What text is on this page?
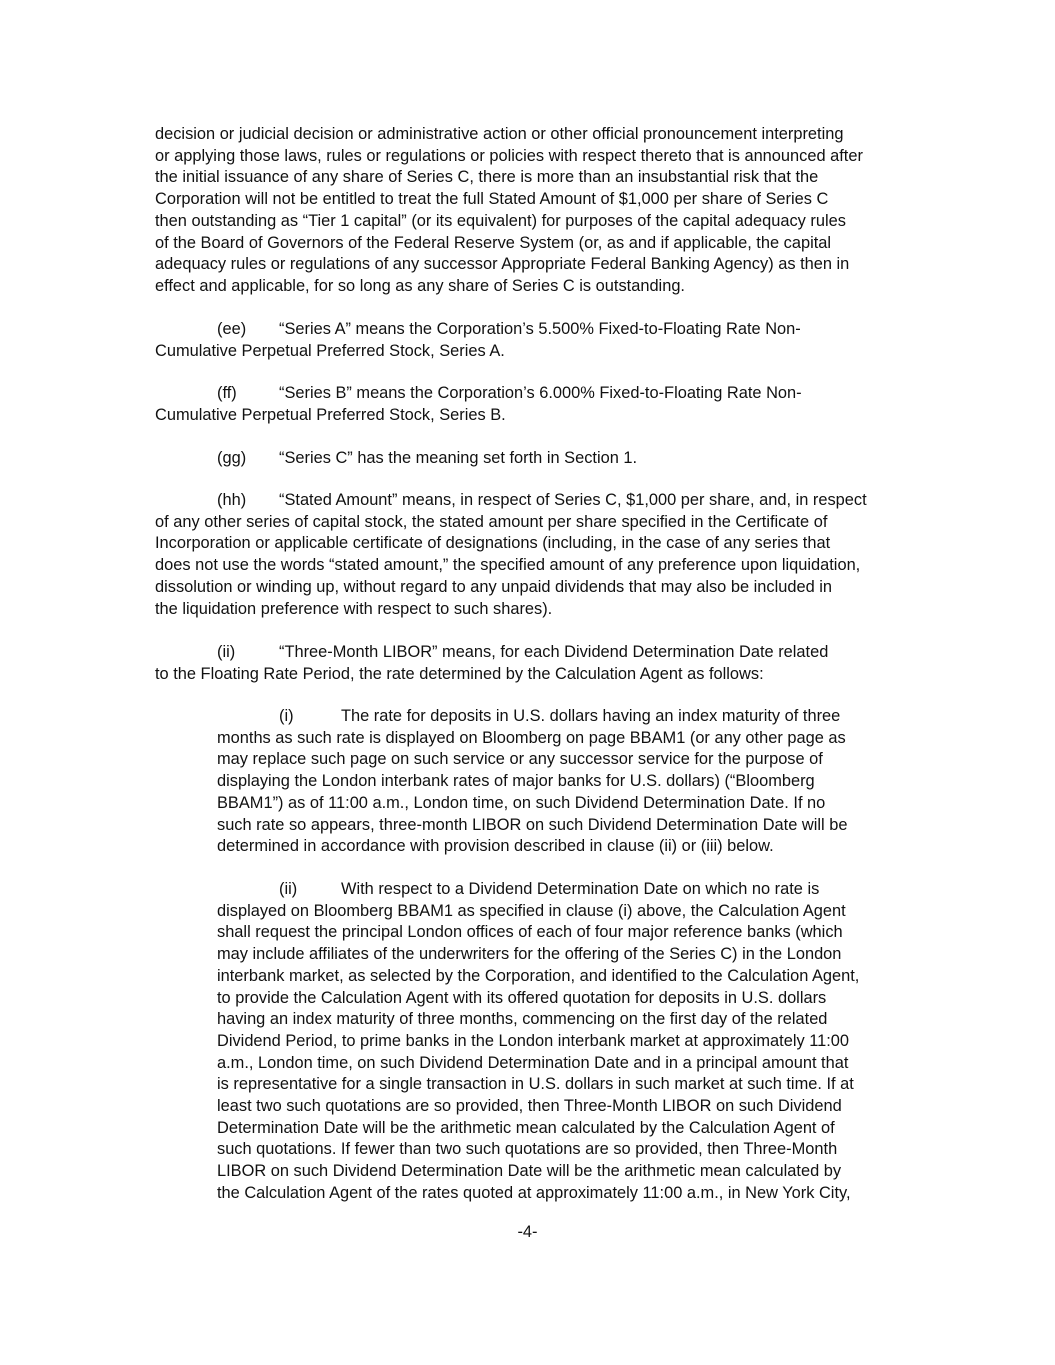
decision or judicial decision or administrative action or other official pronouncement interpreting
or applying those laws, rules or regulations or policies with respect thereto that is announced after
the initial issuance of any share of Series C, there is more than an insubstantial risk that the
Corporation will not be entitled to treat the full Stated Amount of $1,000 per share of Series C
then outstanding as “Tier 1 capital” (or its equivalent) for purposes of the capital adequacy rules
of the Board of Governors of the Federal Reserve System (or, as and if applicable, the capital
adequacy rules or regulations of any successor Appropriate Federal Banking Agency) as then in
effect and applicable, for so long as any share of Series C is outstanding.
(ee) “Series A” means the Corporation’s 5.500% Fixed-to-Floating Rate Non-
Cumulative Perpetual Preferred Stock, Series A.
(ff)	“Series B” means the Corporation’s 6.000% Fixed-to-Floating Rate Non-
Cumulative Perpetual Preferred Stock, Series B.
(gg) “Series C” has the meaning set forth in Section 1.
(hh) “Stated Amount” means, in respect of Series C, $1,000 per share, and, in respect
of any other series of capital stock, the stated amount per share specified in the Certificate of
Incorporation or applicable certificate of designations (including, in the case of any series that
does not use the words “stated amount,” the specified amount of any preference upon liquidation,
dissolution or winding up, without regard to any unpaid dividends that may also be included in
the liquidation preference with respect to such shares).
(ii)	“Three-Month LIBOR” means, for each Dividend Determination Date related
to the Floating Rate Period, the rate determined by the Calculation Agent as follows:
(i)	The rate for deposits in U.S. dollars having an index maturity of three
months as such rate is displayed on Bloomberg on page BBAM1 (or any other page as
may replace such page on such service or any successor service for the purpose of
displaying the London interbank rates of major banks for U.S. dollars) (“Bloomberg
BBAM1”) as of 11:00 a.m., London time, on such Dividend Determination Date. If no
such rate so appears, three-month LIBOR on such Dividend Determination Date will be
determined in accordance with provision described in clause (ii) or (iii) below.
(ii)	With respect to a Dividend Determination Date on which no rate is
displayed on Bloomberg BBAM1 as specified in clause (i) above, the Calculation Agent
shall request the principal London offices of each of four major reference banks (which
may include affiliates of the underwriters for the offering of the Series C) in the London
interbank market, as selected by the Corporation, and identified to the Calculation Agent,
to provide the Calculation Agent with its offered quotation for deposits in U.S. dollars
having an index maturity of three months, commencing on the first day of the related
Dividend Period, to prime banks in the London interbank market at approximately 11:00
a.m., London time, on such Dividend Determination Date and in a principal amount that
is representative for a single transaction in U.S. dollars in such market at such time. If at
least two such quotations are so provided, then Three-Month LIBOR on such Dividend
Determination Date will be the arithmetic mean calculated by the Calculation Agent of
such quotations. If fewer than two such quotations are so provided, then Three-Month
LIBOR on such Dividend Determination Date will be the arithmetic mean calculated by
the Calculation Agent of the rates quoted at approximately 11:00 a.m., in New York City,
-4-
